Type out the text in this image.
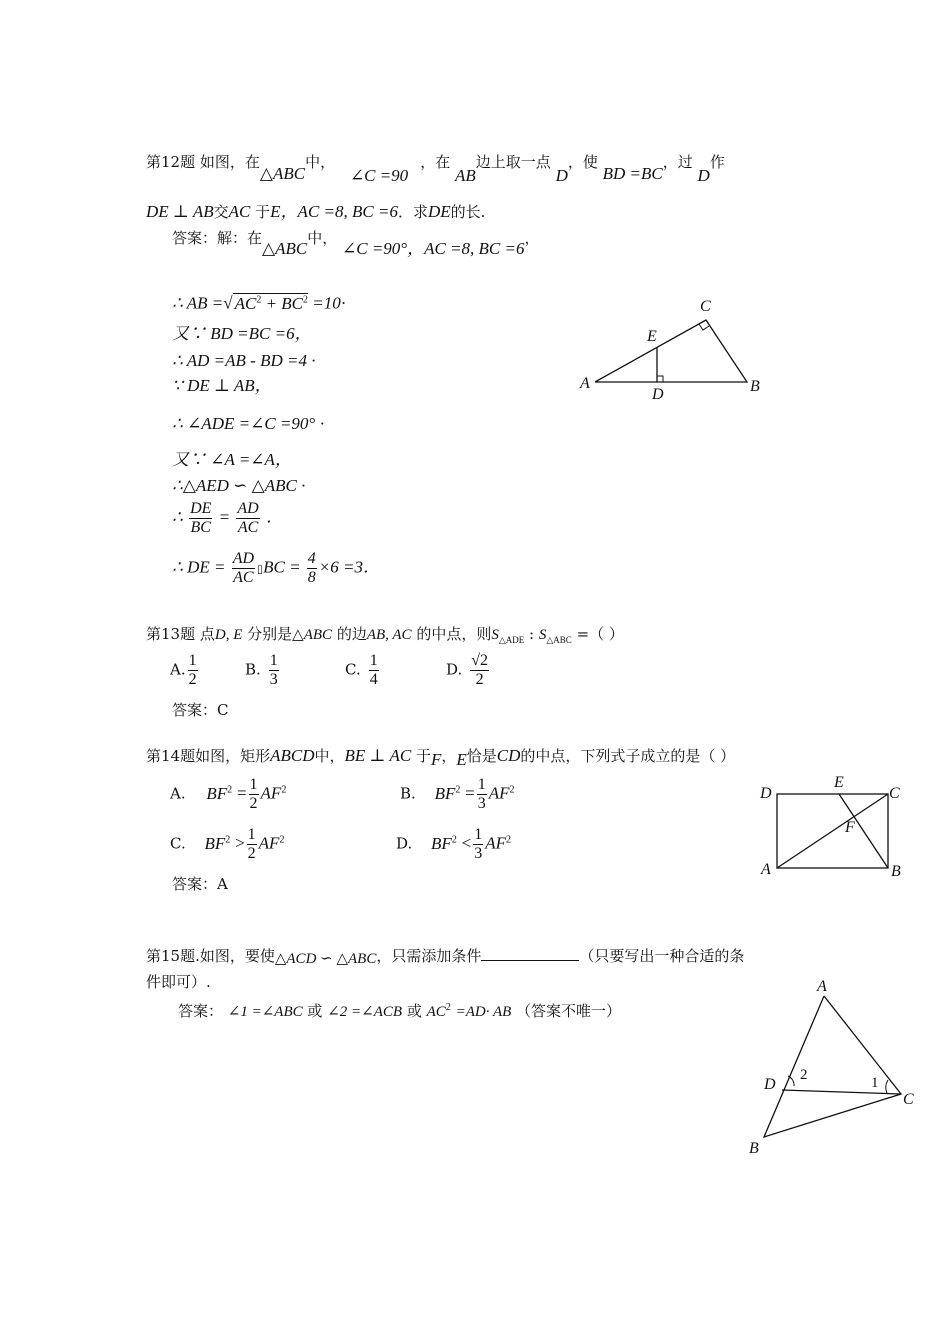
第12题 如图，在△ABC中， ∠C =90，在 AB边上取一点 D，使 BD =BC，过 D作
DE ⊥ AB交AC 于E，AC =8, BC =6．求DE的长.
答案：解：在△ABC中， ∠C =90°，AC =8, BC =6，
∴ AB =√ $AC^2 + BC^2 =10\cdot$
又∵ BD =BC =6，
∴ AD =AB - BD =4 ·
∵ DE ⊥ AB，
∴ ∠ADE =∠C =90° ·
又∵ ∠A =∠A，
∴△AED ∽ △ABC ·
∴ $\frac{DE}{BC} = \frac{AD}{AC}$ ．
∴ DE = $\frac{AD}{AC}$ ▯BC = $\frac{4}{8} \times 6 =3$．
A	B
C
D
E
第13题 点D, E 分别是△ABC 的边AB, AC 的中点，则$S_{\triangle ADE}$ : $S_{\triangle ABC}$ =（ ）
A. $\frac{1}{2}$	B. $\frac{1}{3}$	C. $\frac{1}{4}$	D. $\frac{√2}{2}$
答案：C
第14题如图，矩形ABCD中，BE ⊥ AC 于F，E恰是CD的中点，下列式子成立的是（ ）
A. $BF^2 = \frac{1}{2} AF^2$	B. $BF^2 = \frac{1}{3} AF^2$
C. $BF^2 > \frac{1}{2} AF^2$	D. $BF^2 < \frac{1}{3} AF^2$
答案：A
D
E
C
F
A	B
第15题.如图，要使△ACD ∽ △ABC，只需添加条件	（只要写出一种合适的条
件即可）.
答案： ∠1 =∠ABC 或 ∠2 =∠ACB 或 $AC^2 =AD\cdot$ AB （答案不唯一）
A
D
C
B
2	1
